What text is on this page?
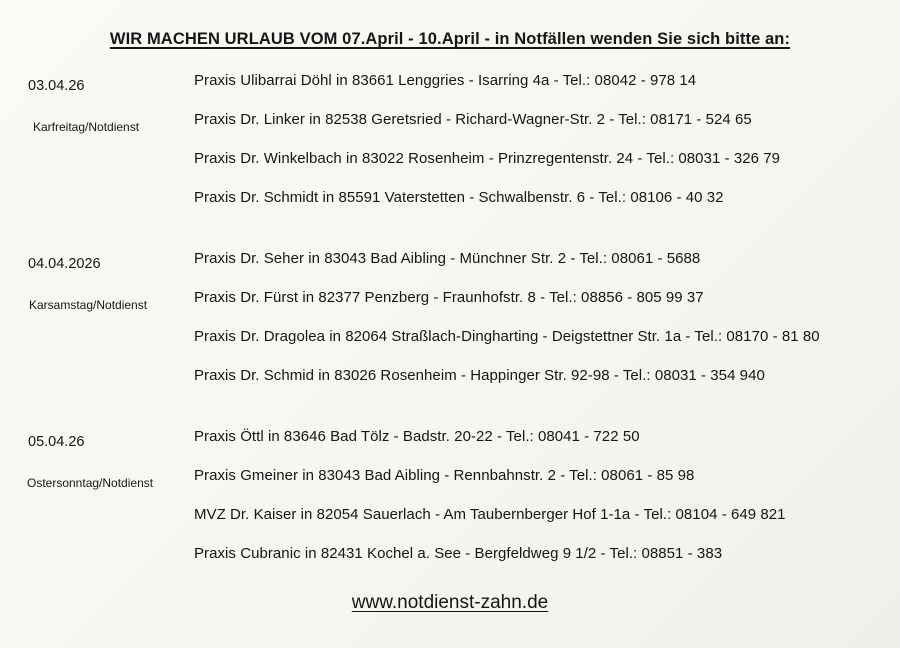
WIR MACHEN URLAUB VOM 07.April - 10.April - in Notfällen wenden Sie sich bitte an:
03.04.26
Karfreitag/Notdienst
Praxis Ulibarrai Döhl in 83661 Lenggries - Isarring 4a - Tel.: 08042 - 978 14
Praxis Dr. Linker in 82538 Geretsried - Richard-Wagner-Str. 2 - Tel.: 08171 - 524 65
Praxis Dr. Winkelbach in 83022 Rosenheim - Prinzregentenstr. 24 - Tel.: 08031 - 326 79
Praxis Dr. Schmidt in 85591 Vaterstetten - Schwalbenstr. 6 - Tel.: 08106 - 40 32
04.04.2026
Karsamstag/Notdienst
Praxis Dr. Seher in 83043 Bad Aibling - Münchner Str. 2 - Tel.: 08061 - 5688
Praxis Dr. Fürst in 82377 Penzberg - Fraunhofstr. 8 - Tel.: 08856 - 805 99 37
Praxis Dr. Dragolea in 82064 Straßlach-Dingharting - Deigstettner Str. 1a - Tel.: 08170 - 81 80
Praxis Dr. Schmid in 83026 Rosenheim - Happinger Str. 92-98 - Tel.: 08031 - 354 940
05.04.26
Ostersonntag/Notdienst
Praxis Öttl in 83646 Bad Tölz - Badstr. 20-22 - Tel.: 08041 - 722 50
Praxis Gmeiner in 83043 Bad Aibling - Rennbahnstr. 2 - Tel.: 08061 - 85 98
MVZ Dr. Kaiser in 82054 Sauerlach - Am Taubernberger Hof 1-1a - Tel.: 08104 - 649 821
Praxis Cubranic in 82431 Kochel a. See - Bergfeldweg 9 1/2 - Tel.: 08851 - 383
www.notdienst-zahn.de
